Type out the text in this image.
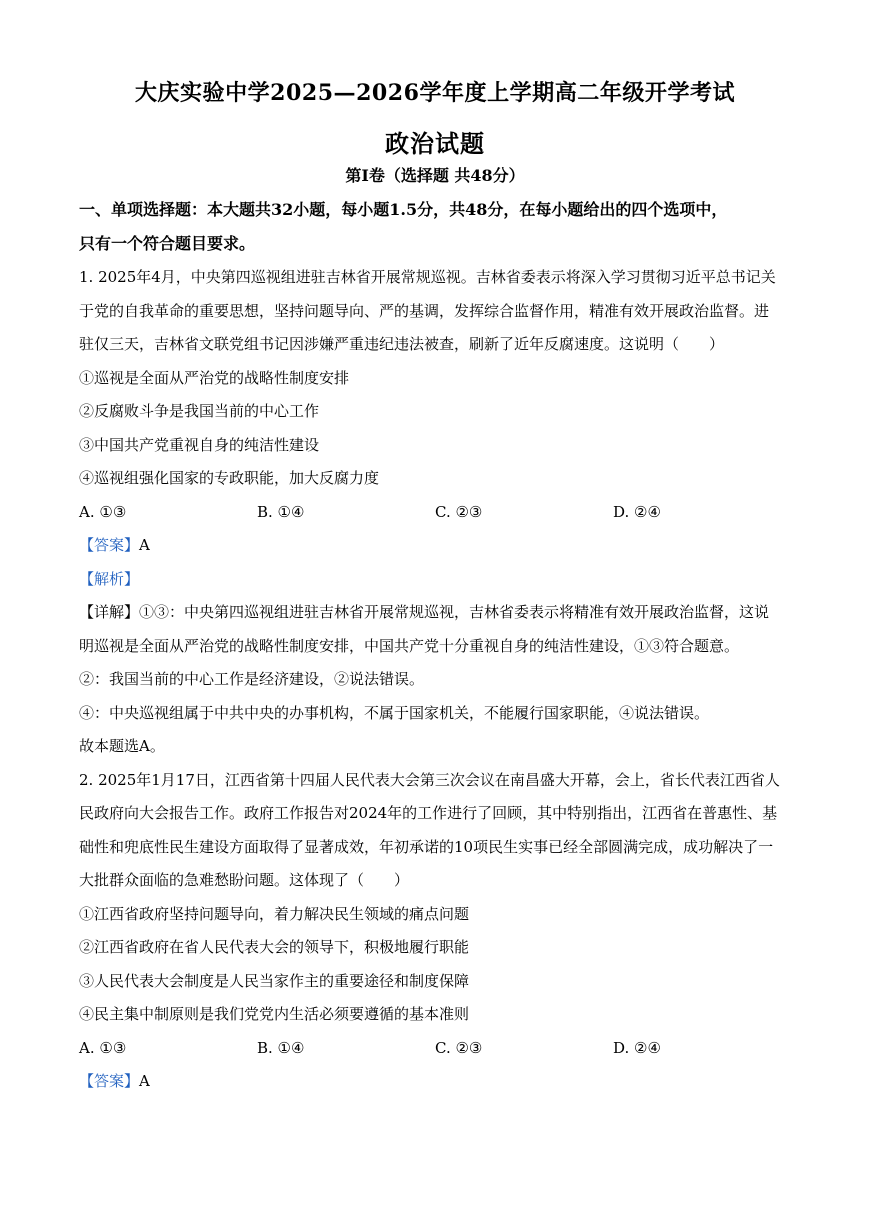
大庆实验中学2025—2026学年度上学期高二年级开学考试
政治试题
第Ⅰ卷（选择题 共48分）

一、单项选择题：本大题共32小题，每小题1.5分，共48分，在每小题给出的四个选项中，

只有一个符合题目要求。

1. 2025年4月，中央第四巡视组进驻吉林省开展常规巡视。吉林省委表示将深入学习贯彻习近平总书记关

于党的自我革命的重要思想，坚持问题导向、严的基调，发挥综合监督作用，精准有效开展政治监督。进

驻仅三天，吉林省文联党组书记因涉嫌严重违纪违法被查，刷新了近年反腐速度。这说明（　　）

①巡视是全面从严治党的战略性制度安排

②反腐败斗争是我国当前的中心工作

③中国共产党重视自身的纯洁性建设

④巡视组强化国家的专政职能，加大反腐力度

A. ①③	B. ①④	C. ②③	D. ②④

【答案】A

【解析】

【详解】①③：中央第四巡视组进驻吉林省开展常规巡视，吉林省委表示将精准有效开展政治监督，这说

明巡视是全面从严治党的战略性制度安排，中国共产党十分重视自身的纯洁性建设，①③符合题意。

②：我国当前的中心工作是经济建设，②说法错误。

④：中央巡视组属于中共中央的办事机构，不属于国家机关，不能履行国家职能，④说法错误。

故本题选A。

2. 2025年1月17日，江西省第十四届人民代表大会第三次会议在南昌盛大开幕，会上，省长代表江西省人

民政府向大会报告工作。政府工作报告对2024年的工作进行了回顾，其中特别指出，江西省在普惠性、基

础性和兜底性民生建设方面取得了显著成效，年初承诺的10项民生实事已经全部圆满完成，成功解决了一

大批群众面临的急难愁盼问题。这体现了（　　）

①江西省政府坚持问题导向，着力解决民生领域的痛点问题

②江西省政府在省人民代表大会的领导下，积极地履行职能

③人民代表大会制度是人民当家作主的重要途径和制度保障

④民主集中制原则是我们党党内生活必须要遵循的基本准则

A. ①③	B. ①④	C. ②③	D. ②④

【答案】A
